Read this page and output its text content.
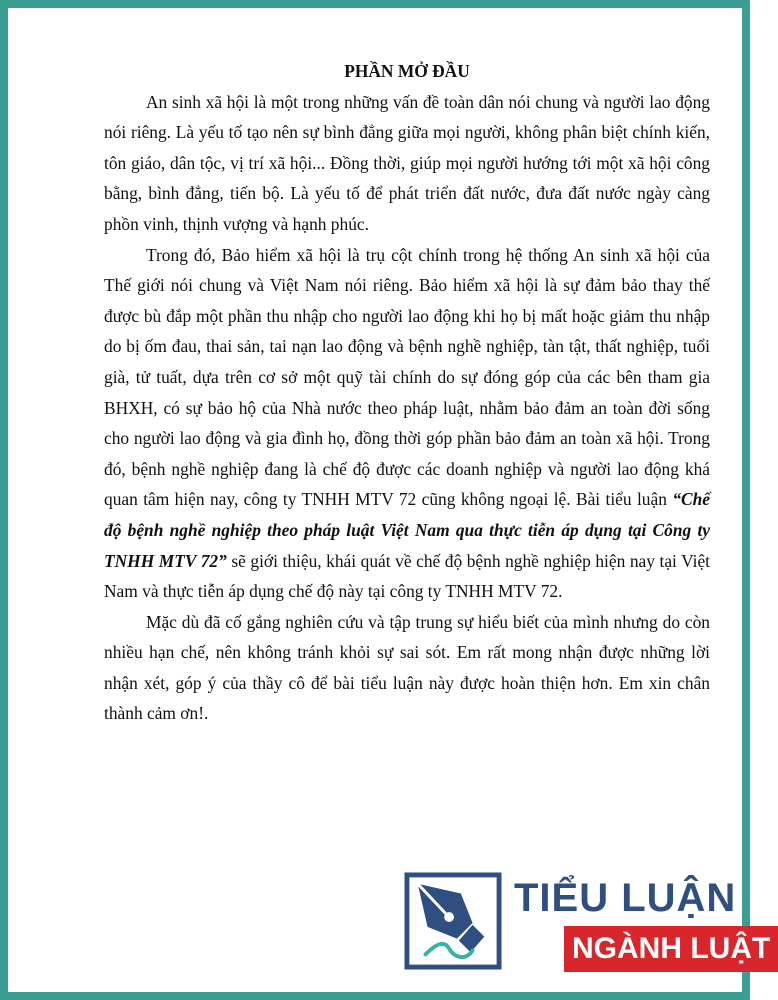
PHẦN MỞ ĐẦU

An sinh xã hội là một trong những vấn đề toàn dân nói chung và người lao động nói riêng. Là yếu tố tạo nên sự bình đẳng giữa mọi người, không phân biệt chính kiến, tôn giáo, dân tộc, vị trí xã hội... Đồng thời, giúp mọi người hướng tới một xã hội công bằng, bình đẳng, tiến bộ. Là yếu tố để phát triển đất nước, đưa đất nước ngày càng phồn vinh, thịnh vượng và hạnh phúc.

Trong đó, Bảo hiểm xã hội là trụ cột chính trong hệ thống An sinh xã hội của Thế giới nói chung và Việt Nam nói riêng. Bảo hiểm xã hội là sự đảm bảo thay thế được bù đắp một phần thu nhập cho người lao động khi họ bị mất hoặc giảm thu nhập do bị ốm đau, thai sản, tai nạn lao động và bệnh nghề nghiệp, tàn tật, thất nghiệp, tuổi già, tử tuất, dựa trên cơ sở một quỹ tài chính do sự đóng góp của các bên tham gia BHXH, có sự bảo hộ của Nhà nước theo pháp luật, nhằm bảo đảm an toàn đời sống cho người lao động và gia đình họ, đồng thời góp phần bảo đảm an toàn xã hội. Trong đó, bệnh nghề nghiệp đang là chế độ được các doanh nghiệp và người lao động khá quan tâm hiện nay, công ty TNHH MTV 72 cũng không ngoại lệ. Bài tiểu luận “Chế độ bệnh nghề nghiệp theo pháp luật Việt Nam qua thực tiễn áp dụng tại Công ty TNHH MTV 72” sẽ giới thiệu, khái quát về chế độ bệnh nghề nghiệp hiện nay tại Việt Nam và thực tiễn áp dụng chế độ này tại công ty TNHH MTV 72.

Mặc dù đã cố gắng nghiên cứu và tập trung sự hiểu biết của mình nhưng do còn nhiều hạn chế, nên không tránh khỏi sự sai sót. Em rất mong nhận được những lời nhận xét, góp ý của thầy cô để bài tiểu luận này được hoàn thiện hơn. Em xin chân thành cảm ơn!.

TIỂU LUẬN
NGÀNH LUẬT
